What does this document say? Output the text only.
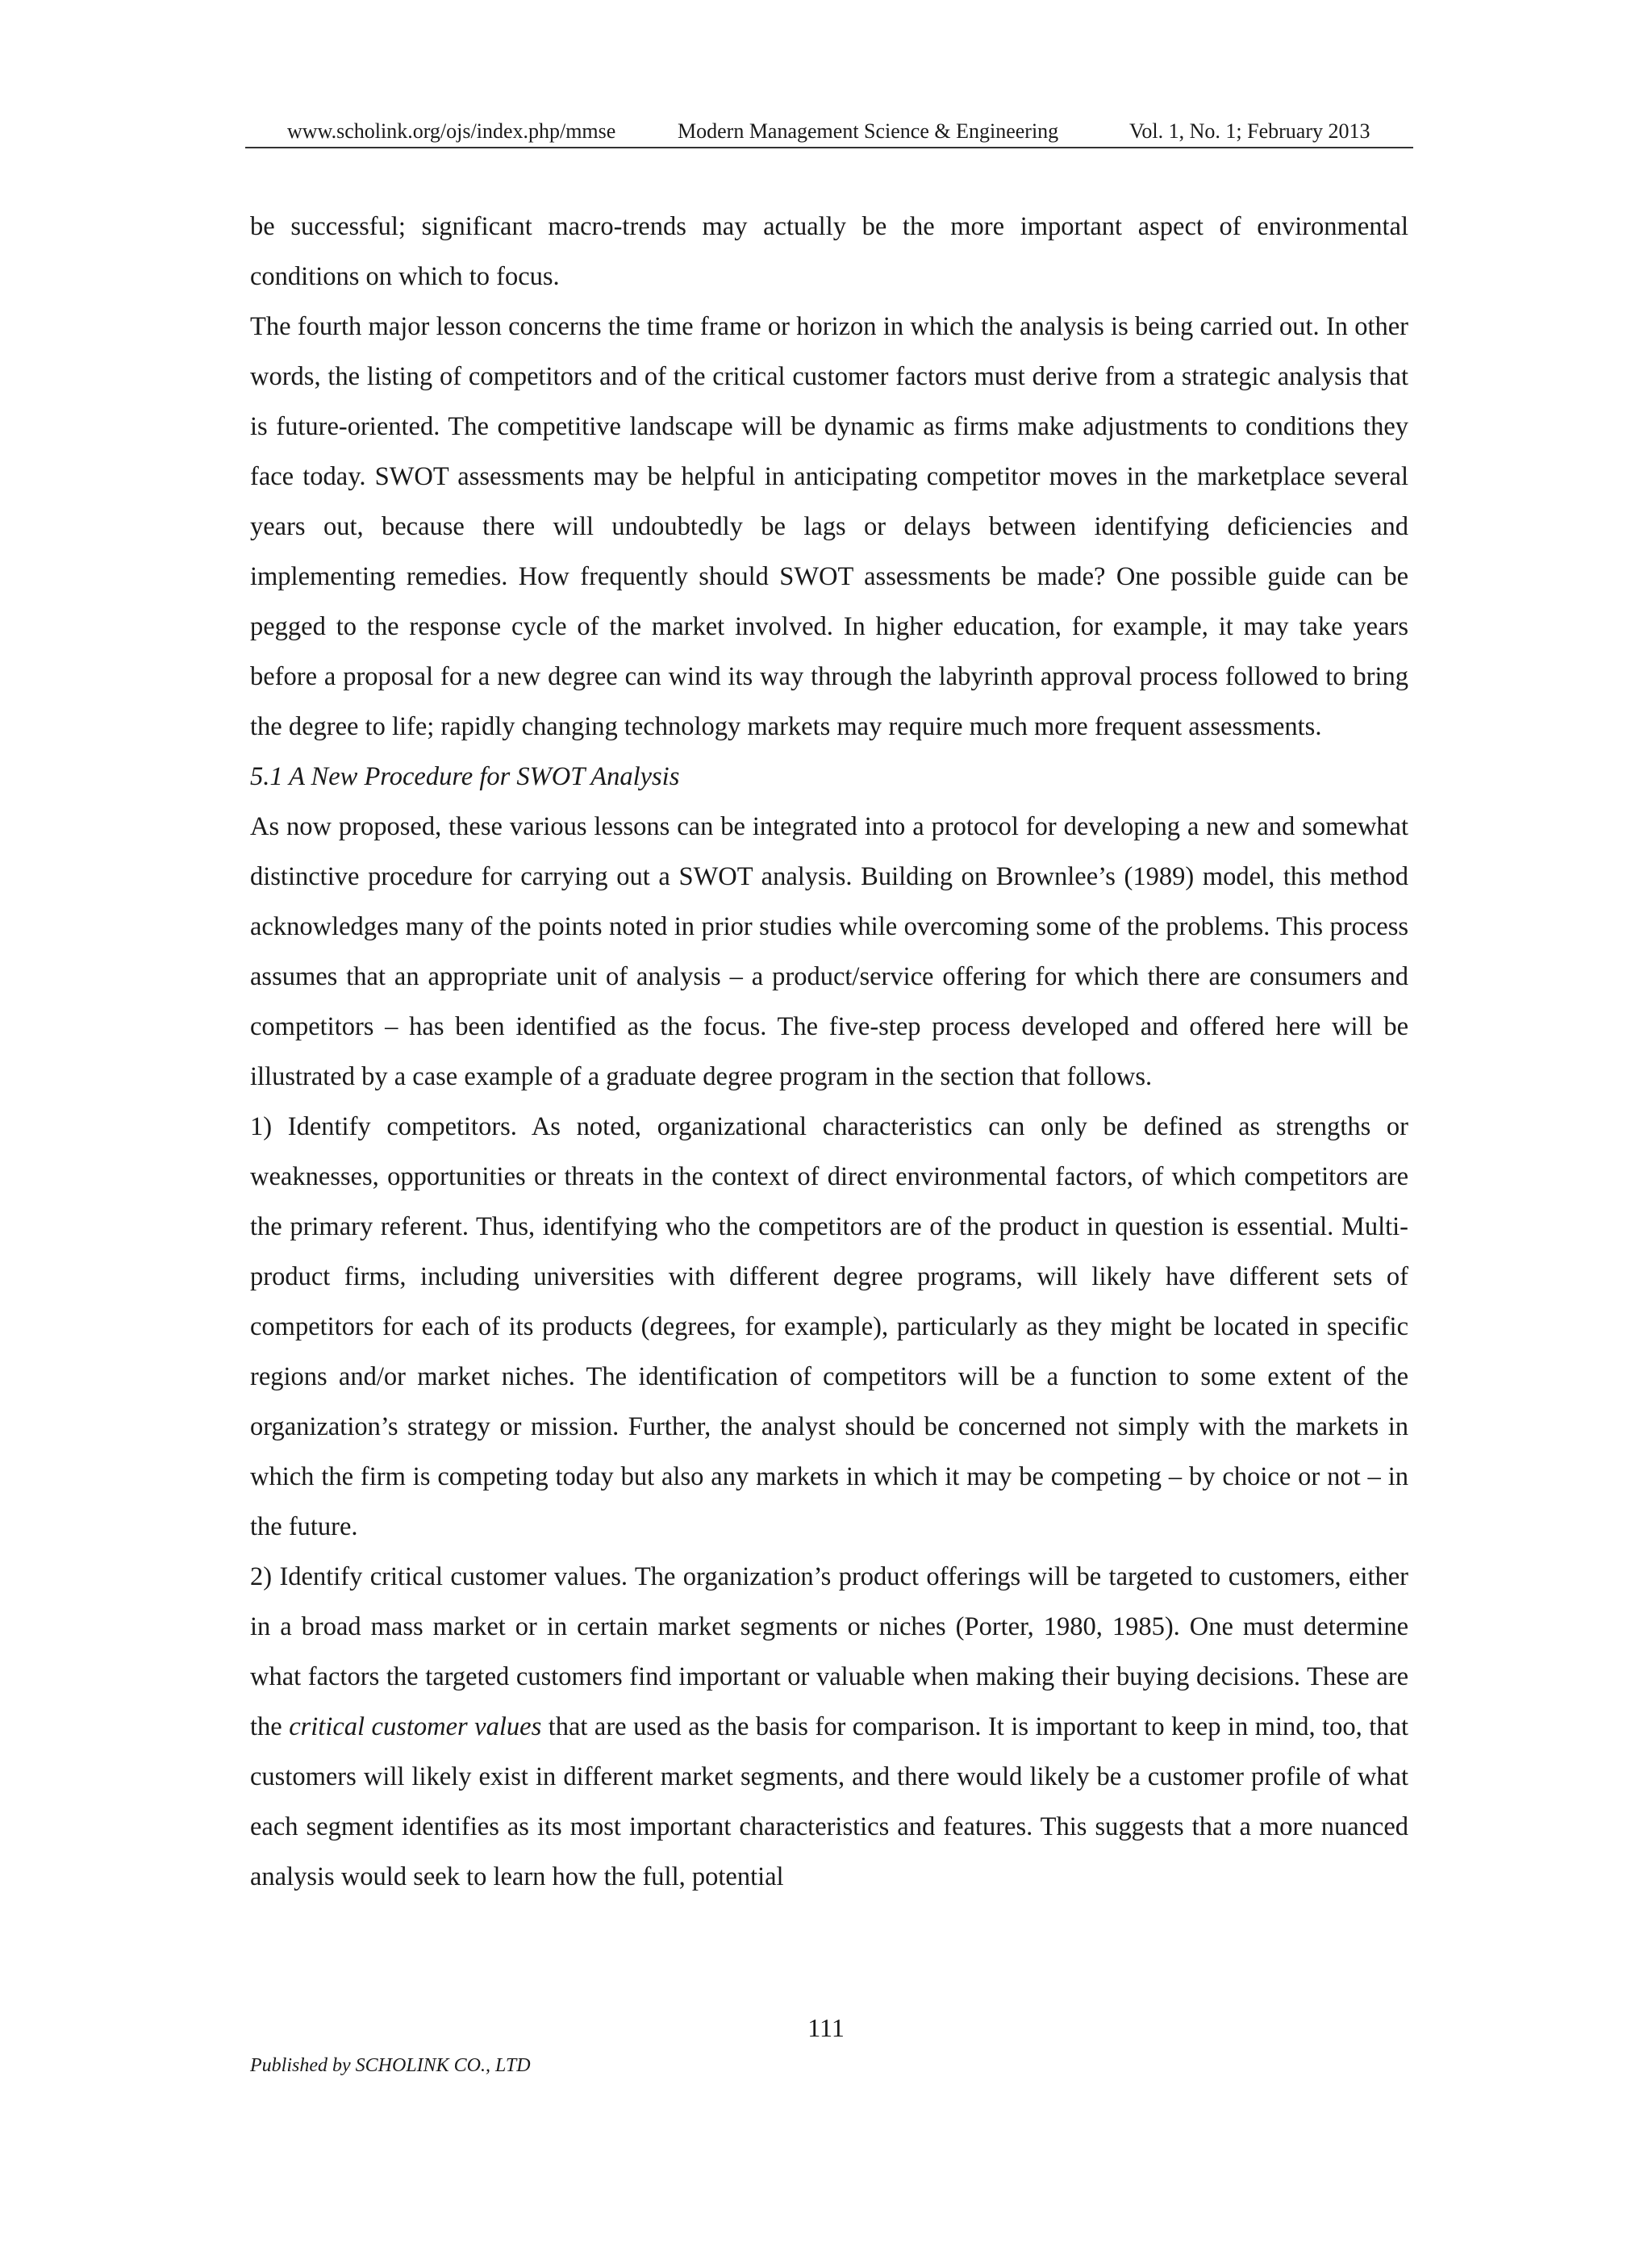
www.scholink.org/ojs/index.php/mmse	Modern Management Science & Engineering	Vol. 1, No. 1; February 2013

be successful; significant macro-trends may actually be the more important aspect of environmental conditions on which to focus.

The fourth major lesson concerns the time frame or horizon in which the analysis is being carried out. In other words, the listing of competitors and of the critical customer factors must derive from a strategic analysis that is future-oriented. The competitive landscape will be dynamic as firms make adjustments to conditions they face today. SWOT assessments may be helpful in anticipating competitor moves in the marketplace several years out, because there will undoubtedly be lags or delays between identifying deficiencies and implementing remedies. How frequently should SWOT assessments be made? One possible guide can be pegged to the response cycle of the market involved. In higher education, for example, it may take years before a proposal for a new degree can wind its way through the labyrinth approval process followed to bring the degree to life; rapidly changing technology markets may require much more frequent assessments.

5.1 A New Procedure for SWOT Analysis

As now proposed, these various lessons can be integrated into a protocol for developing a new and somewhat distinctive procedure for carrying out a SWOT analysis. Building on Brownlee’s (1989) model, this method acknowledges many of the points noted in prior studies while overcoming some of the problems. This process assumes that an appropriate unit of analysis – a product/service offering for which there are consumers and competitors – has been identified as the focus. The five-step process developed and offered here will be illustrated by a case example of a graduate degree program in the section that follows.

1) Identify competitors. As noted, organizational characteristics can only be defined as strengths or weaknesses, opportunities or threats in the context of direct environmental factors, of which competitors are the primary referent. Thus, identifying who the competitors are of the product in question is essential. Multi-product firms, including universities with different degree programs, will likely have different sets of competitors for each of its products (degrees, for example), particularly as they might be located in specific regions and/or market niches. The identification of competitors will be a function to some extent of the organization’s strategy or mission. Further, the analyst should be concerned not simply with the markets in which the firm is competing today but also any markets in which it may be competing – by choice or not – in the future.

2) Identify critical customer values. The organization’s product offerings will be targeted to customers, either in a broad mass market or in certain market segments or niches (Porter, 1980, 1985). One must determine what factors the targeted customers find important or valuable when making their buying decisions. These are the critical customer values that are used as the basis for comparison. It is important to keep in mind, too, that customers will likely exist in different market segments, and there would likely be a customer profile of what each segment identifies as its most important characteristics and features. This suggests that a more nuanced analysis would seek to learn how the full, potential

111
Published by SCHOLINK CO., LTD
